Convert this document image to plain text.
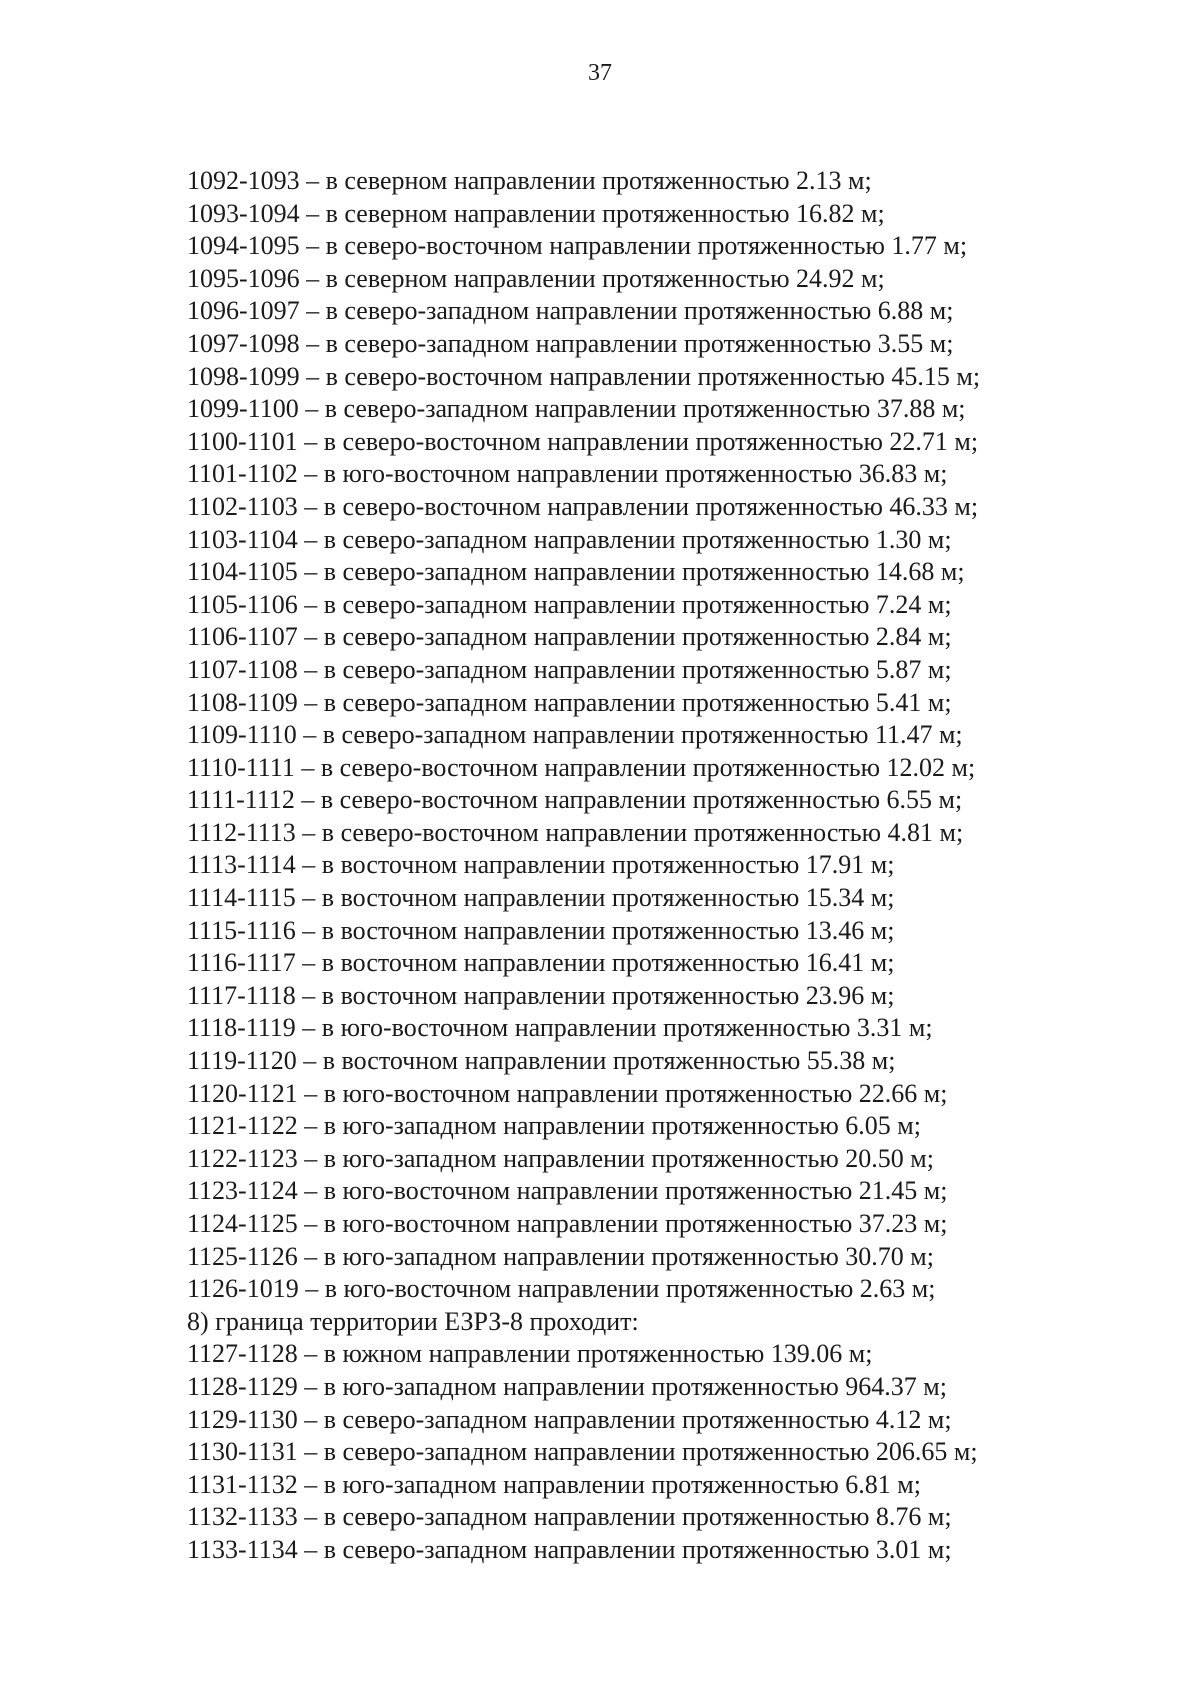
37
1092-1093 – в северном направлении протяженностью 2.13 м;
1093-1094 – в северном направлении протяженностью 16.82 м;
1094-1095 – в северо-восточном направлении протяженностью 1.77 м;
1095-1096 – в северном направлении протяженностью 24.92 м;
1096-1097 – в северо-западном направлении протяженностью 6.88 м;
1097-1098 – в северо-западном направлении протяженностью 3.55 м;
1098-1099 – в северо-восточном направлении протяженностью 45.15 м;
1099-1100 – в северо-западном направлении протяженностью 37.88 м;
1100-1101 – в северо-восточном направлении протяженностью 22.71 м;
1101-1102 – в юго-восточном направлении протяженностью 36.83 м;
1102-1103 – в северо-восточном направлении протяженностью 46.33 м;
1103-1104 – в северо-западном направлении протяженностью 1.30 м;
1104-1105 – в северо-западном направлении протяженностью 14.68 м;
1105-1106 – в северо-западном направлении протяженностью 7.24 м;
1106-1107 – в северо-западном направлении протяженностью 2.84 м;
1107-1108 – в северо-западном направлении протяженностью 5.87 м;
1108-1109 – в северо-западном направлении протяженностью 5.41 м;
1109-1110 – в северо-западном направлении протяженностью 11.47 м;
1110-1111 – в северо-восточном направлении протяженностью 12.02 м;
1111-1112 – в северо-восточном направлении протяженностью 6.55 м;
1112-1113 – в северо-восточном направлении протяженностью 4.81 м;
1113-1114 – в восточном направлении протяженностью 17.91 м;
1114-1115 – в восточном направлении протяженностью 15.34 м;
1115-1116 – в восточном направлении протяженностью 13.46 м;
1116-1117 – в восточном направлении протяженностью 16.41 м;
1117-1118 – в восточном направлении протяженностью 23.96 м;
1118-1119 – в юго-восточном направлении протяженностью 3.31 м;
1119-1120 – в восточном направлении протяженностью 55.38 м;
1120-1121 – в юго-восточном направлении протяженностью 22.66 м;
1121-1122 – в юго-западном направлении протяженностью 6.05 м;
1122-1123 – в юго-западном направлении протяженностью 20.50 м;
1123-1124 – в юго-восточном направлении протяженностью 21.45 м;
1124-1125 – в юго-восточном направлении протяженностью 37.23 м;
1125-1126 – в юго-западном направлении протяженностью 30.70 м;
1126-1019 – в юго-восточном направлении протяженностью 2.63 м;
8) граница территории ЕЗРЗ-8 проходит:
1127-1128 – в южном направлении протяженностью 139.06 м;
1128-1129 – в юго-западном направлении протяженностью 964.37 м;
1129-1130 – в северо-западном направлении протяженностью 4.12 м;
1130-1131 – в северо-западном направлении протяженностью 206.65 м;
1131-1132 – в юго-западном направлении протяженностью 6.81 м;
1132-1133 – в северо-западном направлении протяженностью 8.76 м;
1133-1134 – в северо-западном направлении протяженностью 3.01 м;
